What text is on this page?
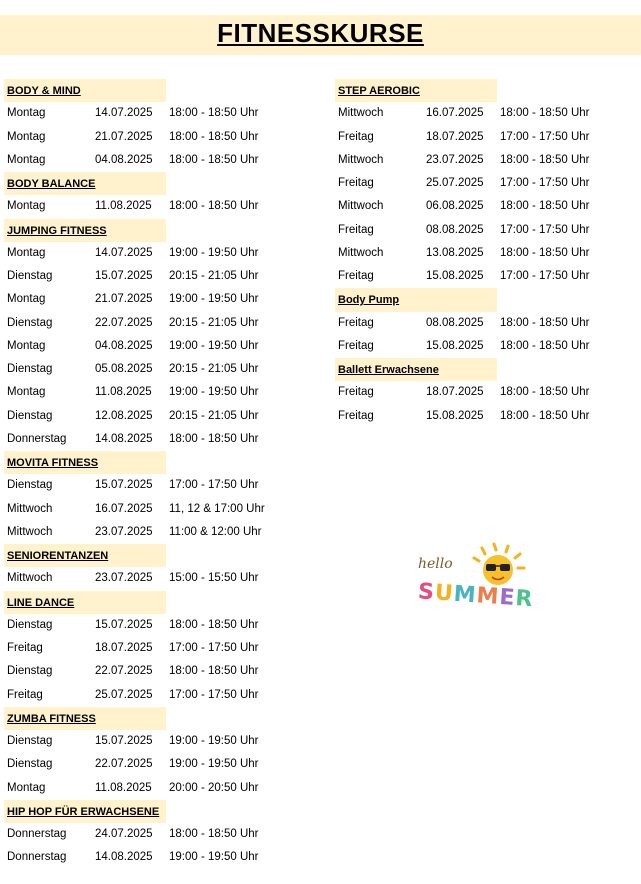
FITNESSKURSE
BODY & MIND
Montag	14.07.2025 18:00 - 18:50 Uhr
Montag	21.07.2025 18:00 - 18:50 Uhr
Montag	04.08.2025 18:00 - 18:50 Uhr
BODY BALANCE
Montag	11.08.2025 18:00 - 18:50 Uhr
JUMPING FITNESS
Montag	14.07.2025 19:00 - 19:50 Uhr
Dienstag	15.07.2025 20:15 - 21:05 Uhr
Montag	21.07.2025 19:00 - 19:50 Uhr
Dienstag	22.07.2025 20:15 - 21:05 Uhr
Montag	04.08.2025 19:00 - 19:50 Uhr
Dienstag	05.08.2025 20:15 - 21:05 Uhr
Montag	11.08.2025 19:00 - 19:50 Uhr
Dienstag	12.08.2025 20:15 - 21:05 Uhr
Donnerstag 14.08.2025 18:00 - 18:50 Uhr
MOVITA FITNESS
Dienstag	15.07.2025 17:00 - 17:50 Uhr
Mittwoch	16.07.2025 11, 12 & 17:00 Uhr
Mittwoch	23.07.2025 11:00 & 12:00 Uhr
SENIORENTANZEN
Mittwoch	23.07.2025 15:00 - 15:50 Uhr
LINE DANCE
Dienstag	15.07.2025 18:00 - 18:50 Uhr
Freitag	18.07.2025 17:00 - 17:50 Uhr
Dienstag	22.07.2025 18:00 - 18:50 Uhr
Freitag	25.07.2025 17:00 - 17:50 Uhr
ZUMBA FITNESS
Dienstag	15.07.2025 19:00 - 19:50 Uhr
Dienstag	22.07.2025 19:00 - 19:50 Uhr
Montag	11.08.2025 20:00 - 20:50 Uhr
HIP HOP FÜR ERWACHSENE
Donnerstag 24.07.2025 18:00 - 18:50 Uhr
Donnerstag 14.08.2025 19:00 - 19:50 Uhr
STEP AEROBIC
Mittwoch	16.07.2025 18:00 - 18:50 Uhr
Freitag	18.07.2025 17:00 - 17:50 Uhr
Mittwoch	23.07.2025 18:00 - 18:50 Uhr
Freitag	25.07.2025 17:00 - 17:50 Uhr
Mittwoch	06.08.2025 18:00 - 18:50 Uhr
Freitag	08.08.2025 17:00 - 17:50 Uhr
Mittwoch	13.08.2025 18:00 - 18:50 Uhr
Freitag	15.08.2025 17:00 - 17:50 Uhr
Body Pump
Freitag	08.08.2025 18:00 - 18:50 Uhr
Freitag	15.08.2025 18:00 - 18:50 Uhr
Ballett Erwachsene
Freitag	18.07.2025 18:00 - 18:50 Uhr
Freitag	15.08.2025 18:00 - 18:50 Uhr
hello
SUMMER
